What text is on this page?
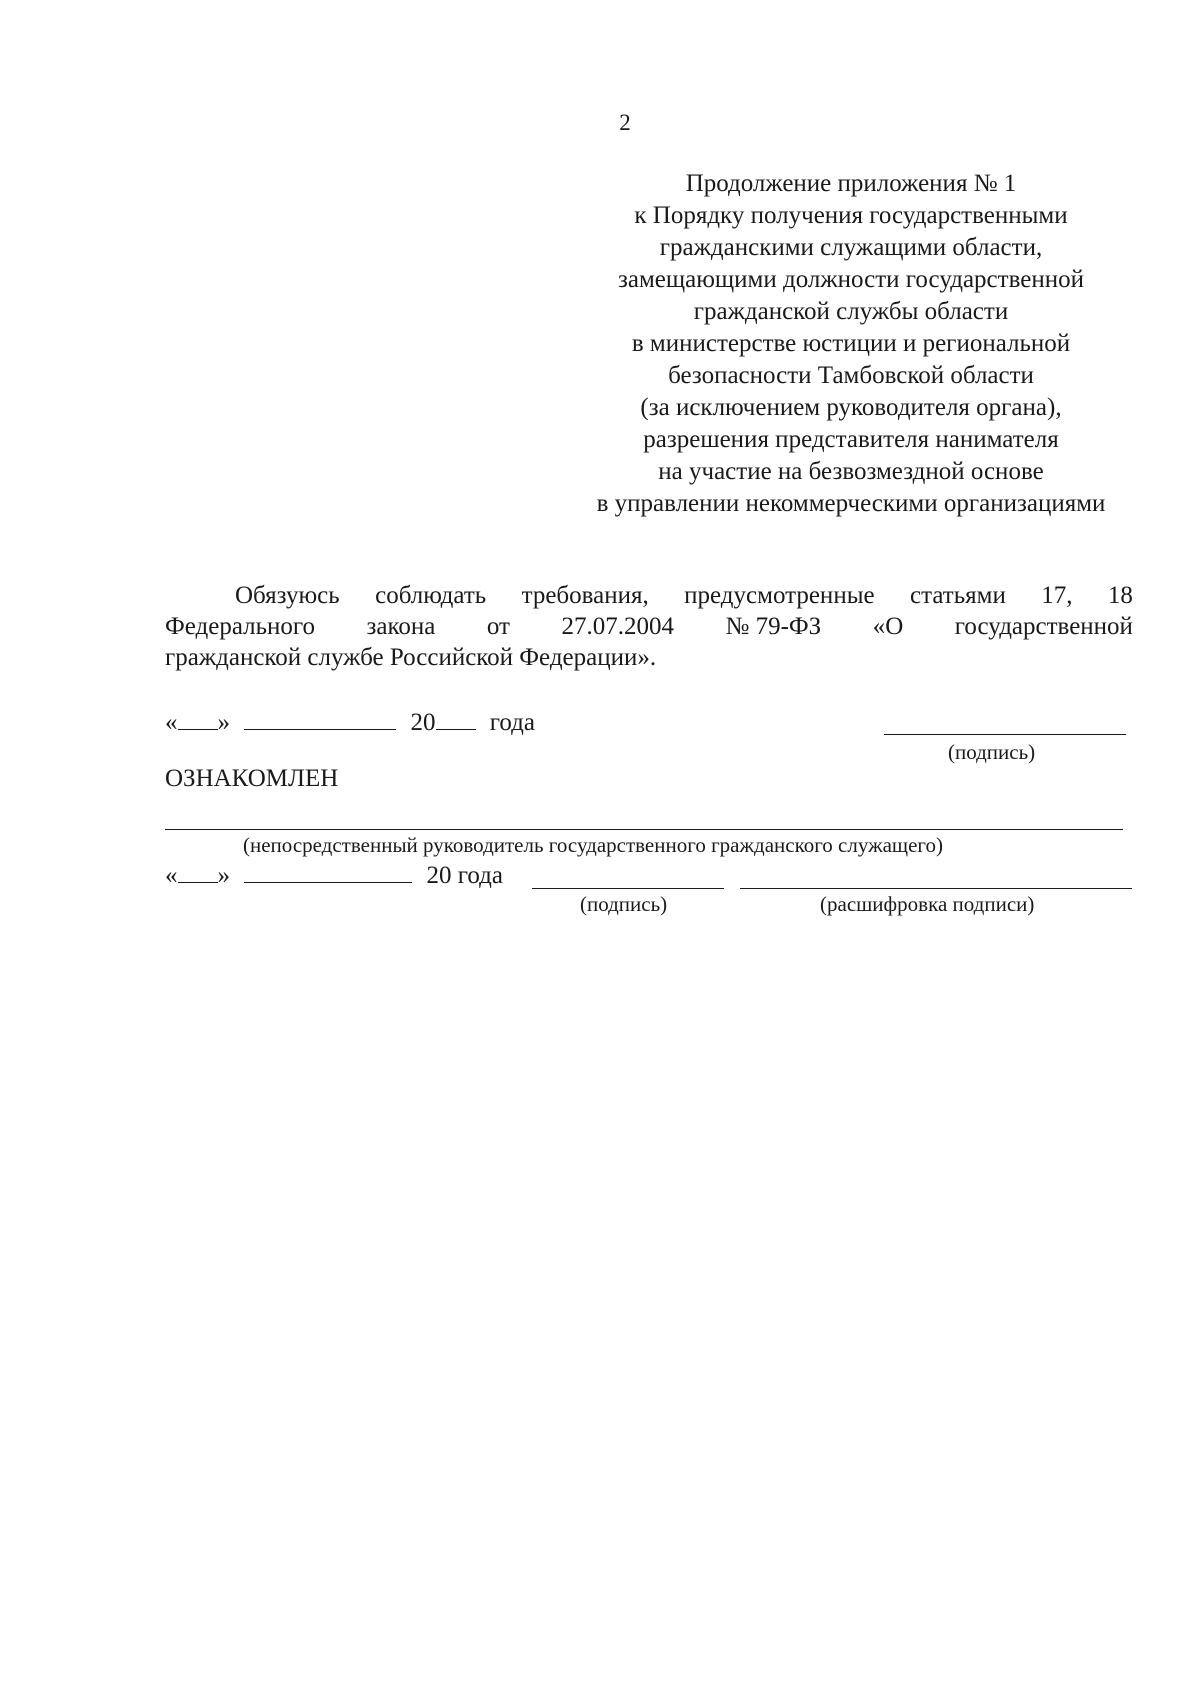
2
Продолжение приложения № 1
к Порядку получения государственными
гражданскими служащими области,
замещающими должности государственной
гражданской службы области
в министерстве юстиции и региональной
безопасности Тамбовской области
(за исключением руководителя органа),
разрешения представителя нанимателя
на участие на безвозмездной основе
в управлении некоммерческими организациями
Обязуюсь соблюдать требования, предусмотренные статьями 17, 18
Федерального закона от 27.07.2004 № 79-ФЗ «О государственной
гражданской службе Российской Федерации».
« »	20 года
(подпись)
ОЗНАКОМЛЕН
(непосредственный руководитель государственного гражданского служащего)
« »	20 года
(подпись)	(расшифровка подписи)
